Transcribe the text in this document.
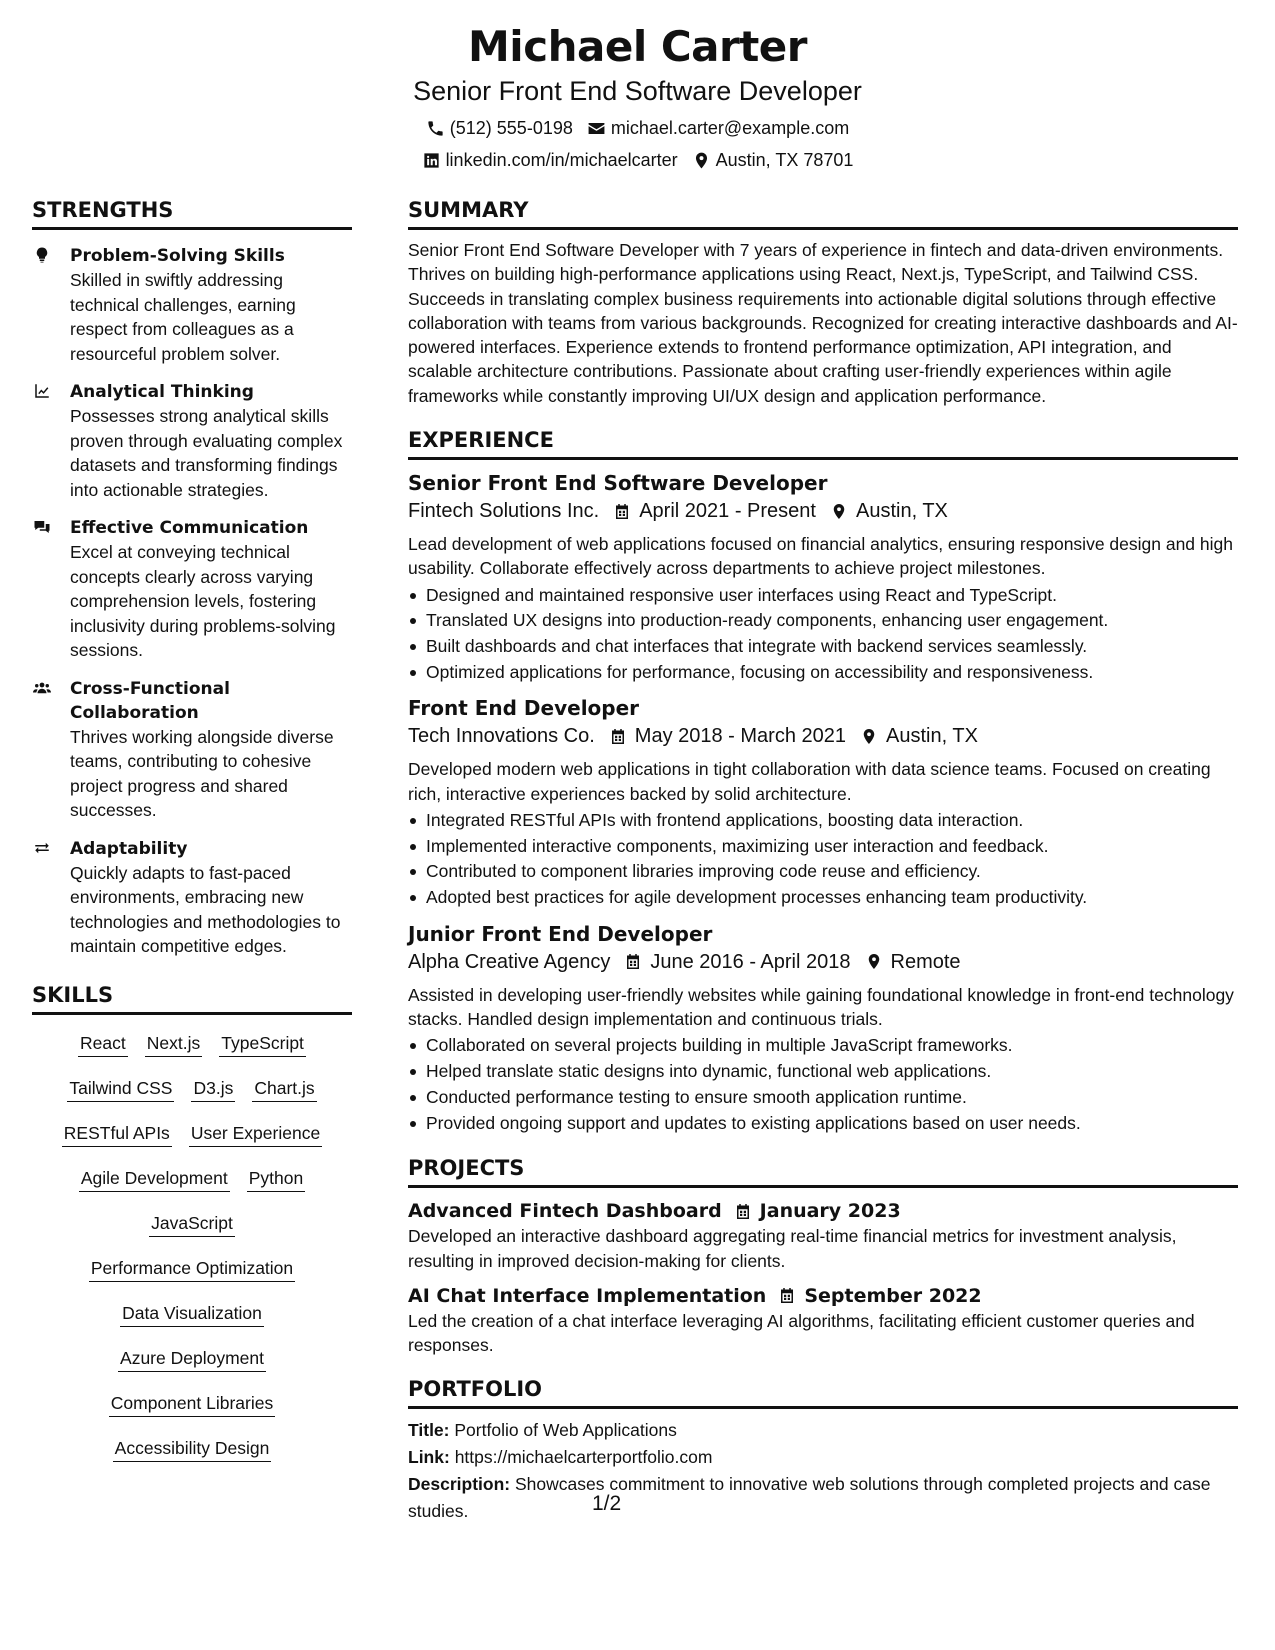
Michael Carter
Senior Front End Software Developer
(512) 555-0198 michael.carter@example.com
linkedin.com/in/michaelcarter Austin, TX 78701
STRENGTHS
Problem-Solving Skills
Skilled in swiftly addressing technical challenges, earning respect from colleagues as a resourceful problem solver.
Analytical Thinking
Possesses strong analytical skills proven through evaluating complex datasets and transforming findings into actionable strategies.
Effective Communication
Excel at conveying technical concepts clearly across varying comprehension levels, fostering inclusivity during problems-solving sessions.
Cross-Functional Collaboration
Thrives working alongside diverse teams, contributing to cohesive project progress and shared successes.
Adaptability
Quickly adapts to fast-paced environments, embracing new technologies and methodologies to maintain competitive edges.
SKILLS
React Next.js TypeScript
Tailwind CSS D3.js Chart.js
RESTful APIs User Experience
Agile Development Python
JavaScript
Performance Optimization
Data Visualization
Azure Deployment
Component Libraries
Accessibility Design
SUMMARY
Senior Front End Software Developer with 7 years of experience in fintech and data-driven environments. Thrives on building high-performance applications using React, Next.js, TypeScript, and Tailwind CSS. Succeeds in translating complex business requirements into actionable digital solutions through effective collaboration with teams from various backgrounds. Recognized for creating interactive dashboards and AI-powered interfaces. Experience extends to frontend performance optimization, API integration, and scalable architecture contributions. Passionate about crafting user-friendly experiences within agile frameworks while constantly improving UI/UX design and application performance.
EXPERIENCE
Senior Front End Software Developer
Fintech Solutions Inc. April 2021 - Present Austin, TX
Lead development of web applications focused on financial analytics, ensuring responsive design and high usability. Collaborate effectively across departments to achieve project milestones.
Designed and maintained responsive user interfaces using React and TypeScript.
Translated UX designs into production-ready components, enhancing user engagement.
Built dashboards and chat interfaces that integrate with backend services seamlessly.
Optimized applications for performance, focusing on accessibility and responsiveness.
Front End Developer
Tech Innovations Co. May 2018 - March 2021 Austin, TX
Developed modern web applications in tight collaboration with data science teams. Focused on creating rich, interactive experiences backed by solid architecture.
Integrated RESTful APIs with frontend applications, boosting data interaction.
Implemented interactive components, maximizing user interaction and feedback.
Contributed to component libraries improving code reuse and efficiency.
Adopted best practices for agile development processes enhancing team productivity.
Junior Front End Developer
Alpha Creative Agency June 2016 - April 2018 Remote
Assisted in developing user-friendly websites while gaining foundational knowledge in front-end technology stacks. Handled design implementation and continuous trials.
Collaborated on several projects building in multiple JavaScript frameworks.
Helped translate static designs into dynamic, functional web applications.
Conducted performance testing to ensure smooth application runtime.
Provided ongoing support and updates to existing applications based on user needs.
PROJECTS
Advanced Fintech Dashboard January 2023
Developed an interactive dashboard aggregating real-time financial metrics for investment analysis, resulting in improved decision-making for clients.
AI Chat Interface Implementation September 2022
Led the creation of a chat interface leveraging AI algorithms, facilitating efficient customer queries and responses.
PORTFOLIO
Title: Portfolio of Web Applications
Link: https://michaelcarterportfolio.com
Description: Showcases commitment to innovative web solutions through completed projects and case studies.	1/2
